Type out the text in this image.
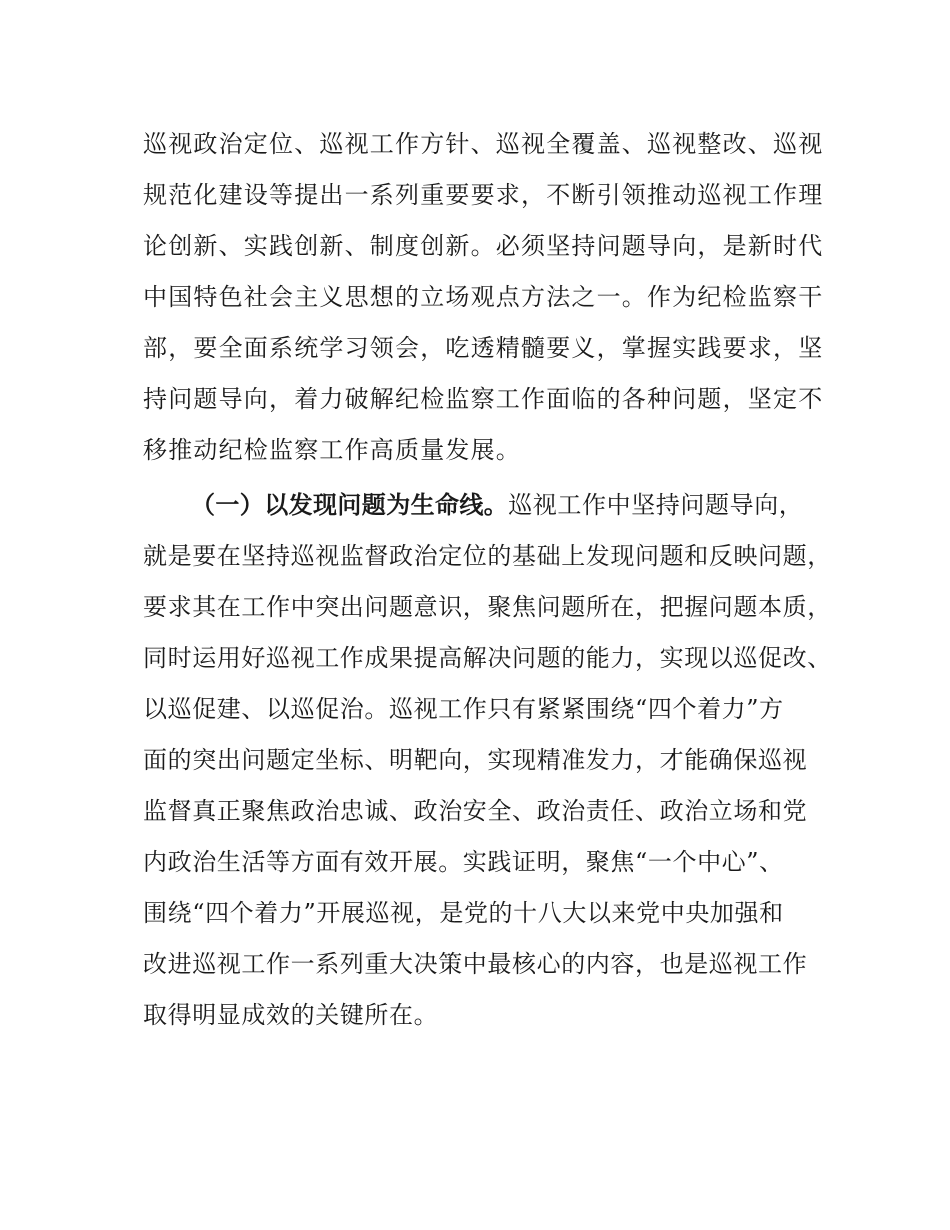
巡视政治定位、巡视工作方针、巡视全覆盖、巡视整改、巡视
规范化建设等提出一系列重要要求，不断引领推动巡视工作理
论创新、实践创新、制度创新。必须坚持问题导向，是新时代
中国特色社会主义思想的立场观点方法之一。作为纪检监察干
部，要全面系统学习领会，吃透精髓要义，掌握实践要求，坚
持问题导向，着力破解纪检监察工作面临的各种问题，坚定不
移推动纪检监察工作高质量发展。
（一）以发现问题为生命线。巡视工作中坚持问题导向，
就是要在坚持巡视监督政治定位的基础上发现问题和反映问题，
要求其在工作中突出问题意识，聚焦问题所在，把握问题本质，
同时运用好巡视工作成果提高解决问题的能力，实现以巡促改、
以巡促建、以巡促治。巡视工作只有紧紧围绕“四个着力”方
面的突出问题定坐标、明靶向，实现精准发力，才能确保巡视
监督真正聚焦政治忠诚、政治安全、政治责任、政治立场和党
内政治生活等方面有效开展。实践证明，聚焦“一个中心”、
围绕“四个着力”开展巡视，是党的十八大以来党中央加强和
改进巡视工作一系列重大决策中最核心的内容，也是巡视工作
取得明显成效的关键所在。
